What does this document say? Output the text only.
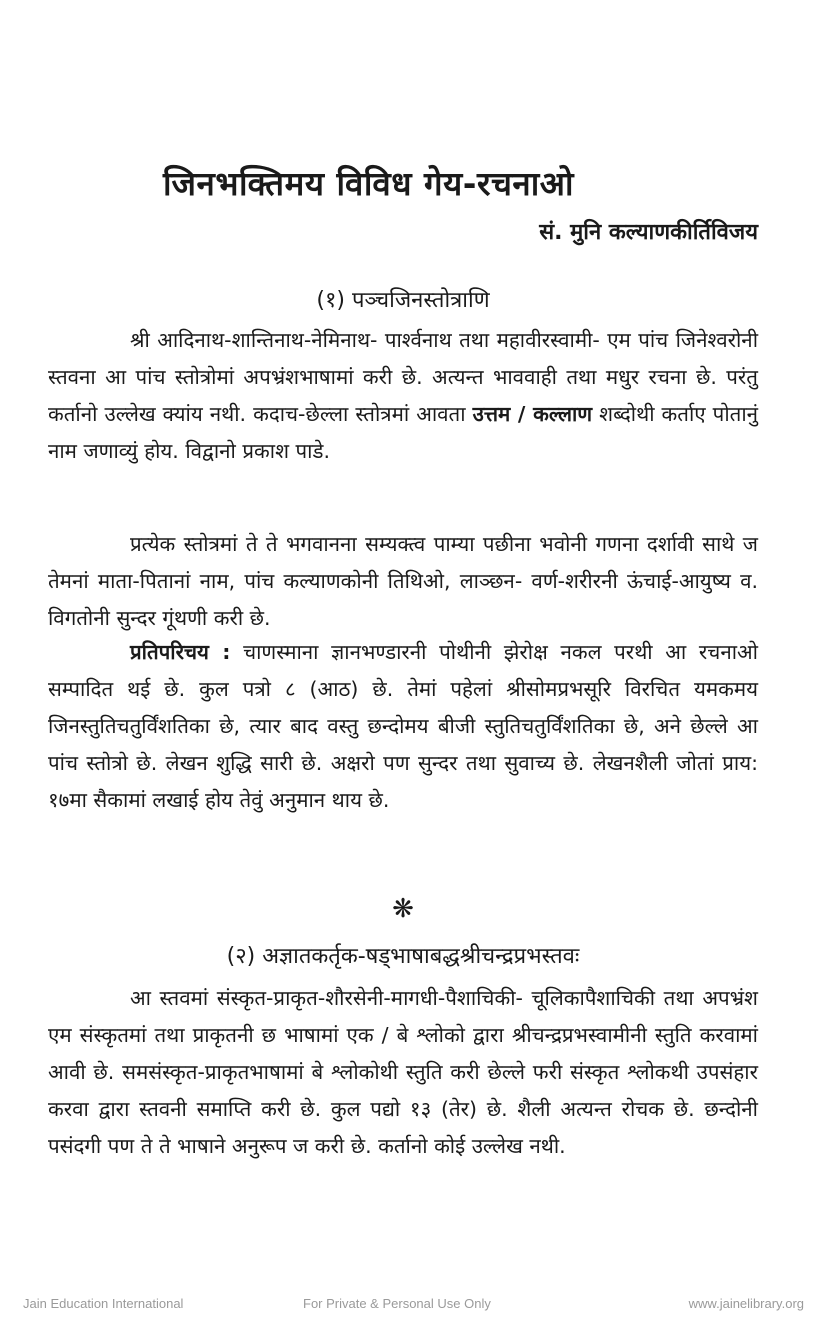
जिनभक्तिमय विविध गेय-रचनाओ
सं. मुनि कल्याणकीर्तिविजय
(१) पञ्चजिनस्तोत्राणि
श्री आदिनाथ-शान्तिनाथ-नेमिनाथ- पार्श्वनाथ तथा महावीरस्वामी- एम पांच जिनेश्वरोनी स्तवना आ पांच स्तोत्रोमां अपभ्रंशभाषामां करी छे. अत्यन्त भाववाही तथा मधुर रचना छे. परंतु कर्तानो उल्लेख क्यांय नथी. कदाच-छेल्ला स्तोत्रमां आवता उत्तम / कल्लाण शब्दोथी कर्ताए पोतानुं नाम जणाव्युं होय. विद्वानो प्रकाश पाडे.
प्रत्येक स्तोत्रमां ते ते भगवानना सम्यक्त्व पाम्या पछीना भवोनी गणना दर्शावी साथे ज तेमनां माता-पितानां नाम, पांच कल्याणकोनी तिथिओ, लाञ्छन- वर्ण-शरीरनी ऊंचाई-आयुष्य व. विगतोनी सुन्दर गूंथणी करी छे.
प्रतिपरिचय : चाणस्माना ज्ञानभण्डारनी पोथीनी झेरोक्ष नकल परथी आ रचनाओ सम्पादित थई छे. कुल पत्रो ८ (आठ) छे. तेमां पहेलां श्रीसोमप्रभसूरि विरचित यमकमय जिनस्तुतिचतुर्विंशतिका छे, त्यार बाद वस्तु छन्दोमय बीजी स्तुतिचतुर्विंशतिका छे, अने छेल्ले आ पांच स्तोत्रो छे. लेखन शुद्धि सारी छे. अक्षरो पण सुन्दर तथा सुवाच्य छे. लेखनशैली जोतां प्राय: १७मा सैकामां लखाई होय तेवुं अनुमान थाय छे.
❋
(२) अज्ञातकर्तृक-षड्भाषाबद्धश्रीचन्द्रप्रभस्तवः
आ स्तवमां संस्कृत-प्राकृत-शौरसेनी-मागधी-पैशाचिकी- चूलिकापैशाचिकी तथा अपभ्रंश एम संस्कृतमां तथा प्राकृतनी छ भाषामां एक / बे श्लोको द्वारा श्रीचन्द्रप्रभस्वामीनी स्तुति करवामां आवी छे. समसंस्कृत-प्राकृतभाषामां बे श्लोकोथी स्तुति करी छेल्ले फरी संस्कृत श्लोकथी उपसंहार करवा द्वारा स्तवनी समाप्ति करी छे. कुल पद्यो १३ (तेर) छे. शैली अत्यन्त रोचक छे. छन्दोनी पसंदगी पण ते ते भाषाने अनुरूप ज करी छे. कर्तानो कोई उल्लेख नथी.
Jain Education International	For Private & Personal Use Only	www.jainelibrary.org
